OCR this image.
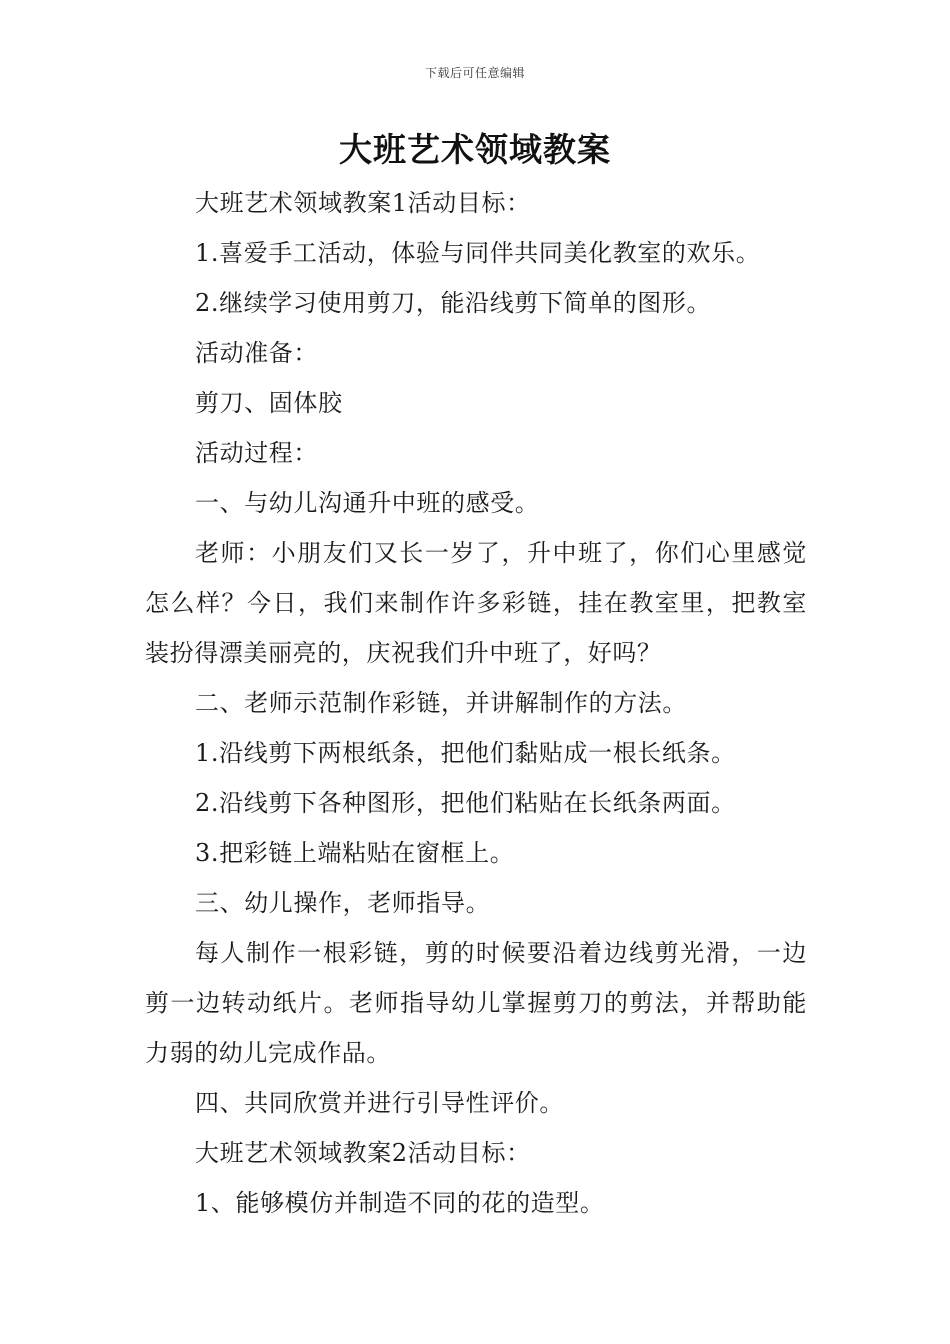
下载后可任意编辑
大班艺术领域教案

大班艺术领域教案1活动目标：

1.喜爱手工活动，体验与同伴共同美化教室的欢乐。

2.继续学习使用剪刀，能沿线剪下简单的图形。

活动准备：

剪刀、固体胶

活动过程：

一、与幼儿沟通升中班的感受。

老师：小朋友们又长一岁了，升中班了，你们心里感觉怎么样？今日，我们来制作许多彩链，挂在教室里，把教室装扮得漂美丽亮的，庆祝我们升中班了，好吗？

二、老师示范制作彩链，并讲解制作的方法。

1.沿线剪下两根纸条，把他们黏贴成一根长纸条。

2.沿线剪下各种图形，把他们粘贴在长纸条两面。

3.把彩链上端粘贴在窗框上。

三、幼儿操作，老师指导。

每人制作一根彩链，剪的时候要沿着边线剪光滑，一边剪一边转动纸片。老师指导幼儿掌握剪刀的剪法，并帮助能力弱的幼儿完成作品。

四、共同欣赏并进行引导性评价。

大班艺术领域教案2活动目标：

1、能够模仿并制造不同的花的造型。
